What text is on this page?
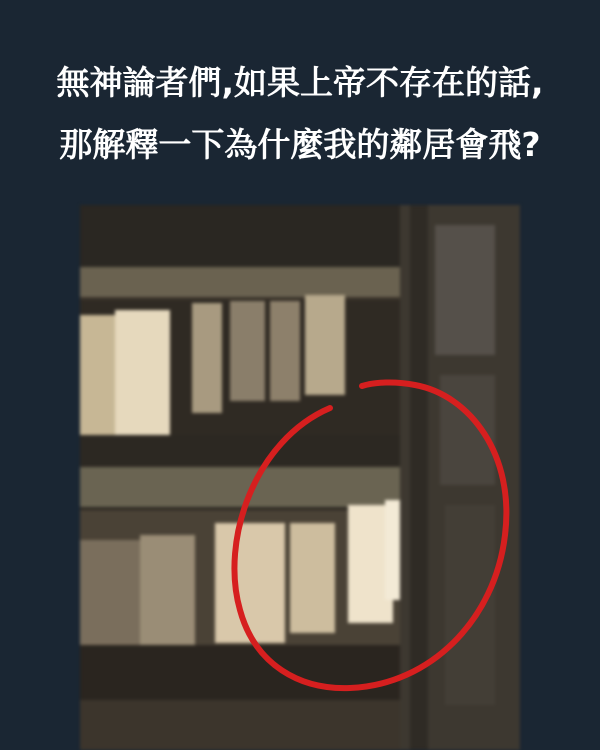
無神論者們,如果上帝不存在的話,
那解釋一下為什麼我的鄰居會飛?
